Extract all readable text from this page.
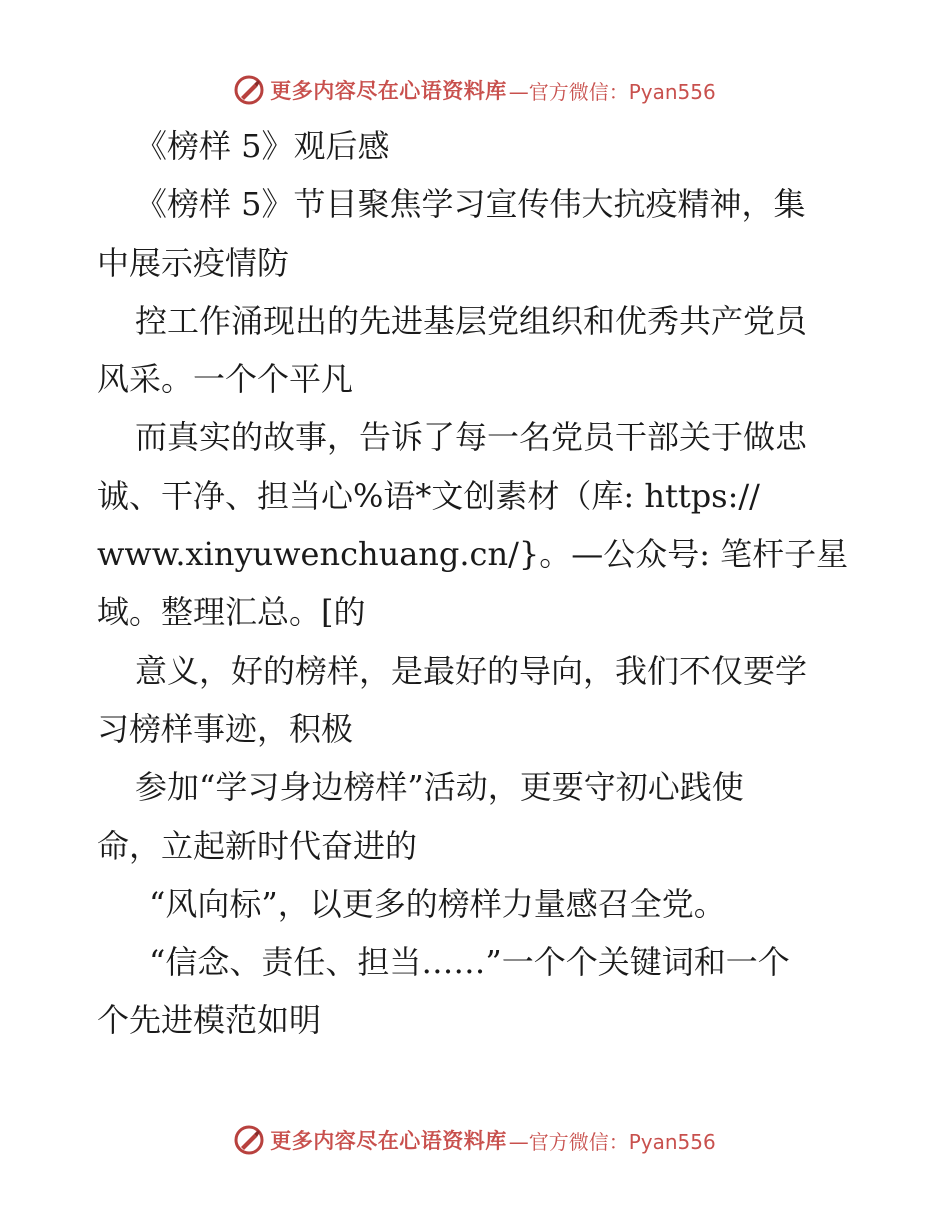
更多内容尽在心语资料库 —官方微信：Pyan556
《榜样 5》观后感
《榜样 5》节目聚焦学习宣传伟大抗疫精神，集
中展示疫情防
控工作涌现出的先进基层党组织和优秀共产党员
风采。一个个平凡
而真实的故事，告诉了每一名党员干部关于做忠
诚、干净、担当心%语*文创素材（库: https://
www.xinyuwenchuang.cn/}。—公众号: 笔杆子星
域。整理汇总。[的
意义，好的榜样，是最好的导向，我们不仅要学
习榜样事迹，积极
参加“学习身边榜样”活动，更要守初心践使
命，立起新时代奋进的
“风向标”，以更多的榜样力量感召全党。
“信念、责任、担当……”一个个关键词和一个
个先进模范如明
更多内容尽在心语资料库 —官方微信：Pyan556
